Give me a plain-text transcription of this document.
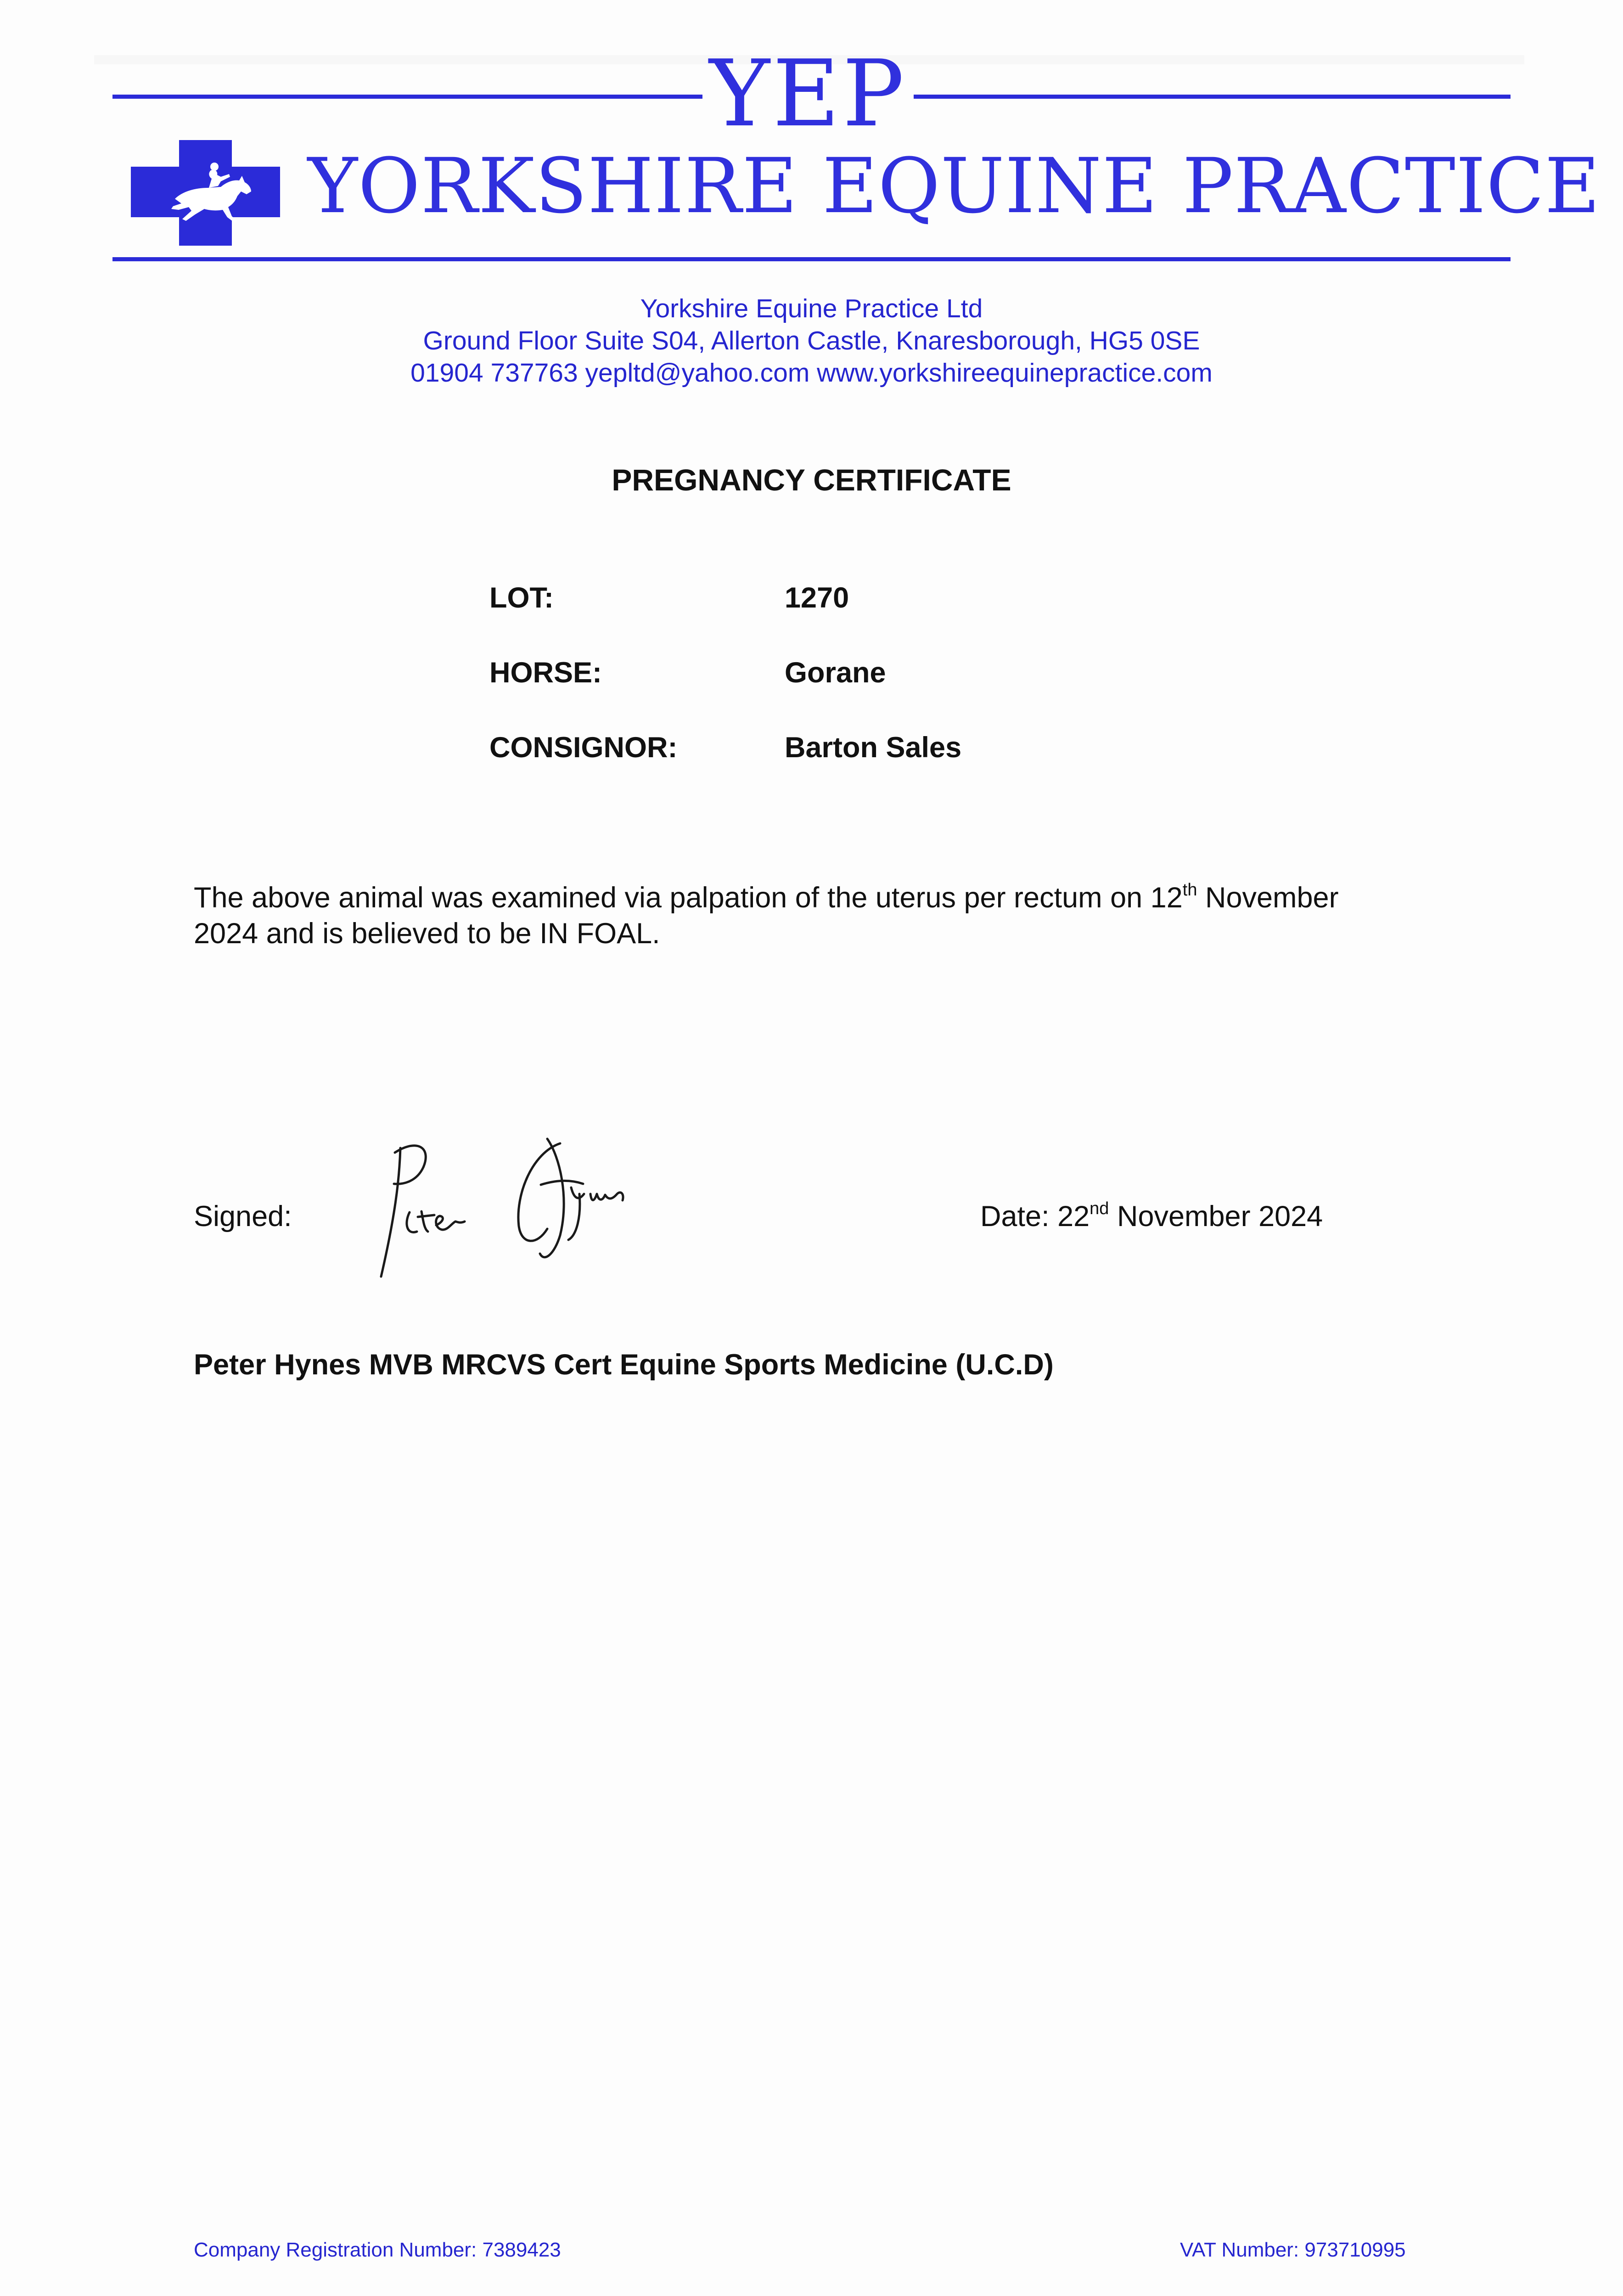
YEP
YORKSHIRE EQUINE PRACTICE
Yorkshire Equine Practice Ltd
Ground Floor Suite S04, Allerton Castle, Knaresborough, HG5 0SE
01904 737763 yepltd@yahoo.com www.yorkshireequinepractice.com
PREGNANCY CERTIFICATE
LOT:	1270
HORSE:	Gorane
CONSIGNOR:	Barton Sales
The above animal was examined via palpation of the uterus per rectum on 12th November
2024 and is believed to be IN FOAL.
Signed:	Date: 22nd November 2024
Peter Hynes MVB MRCVS Cert Equine Sports Medicine (U.C.D)
Company Registration Number: 7389423	VAT Number: 973710995
